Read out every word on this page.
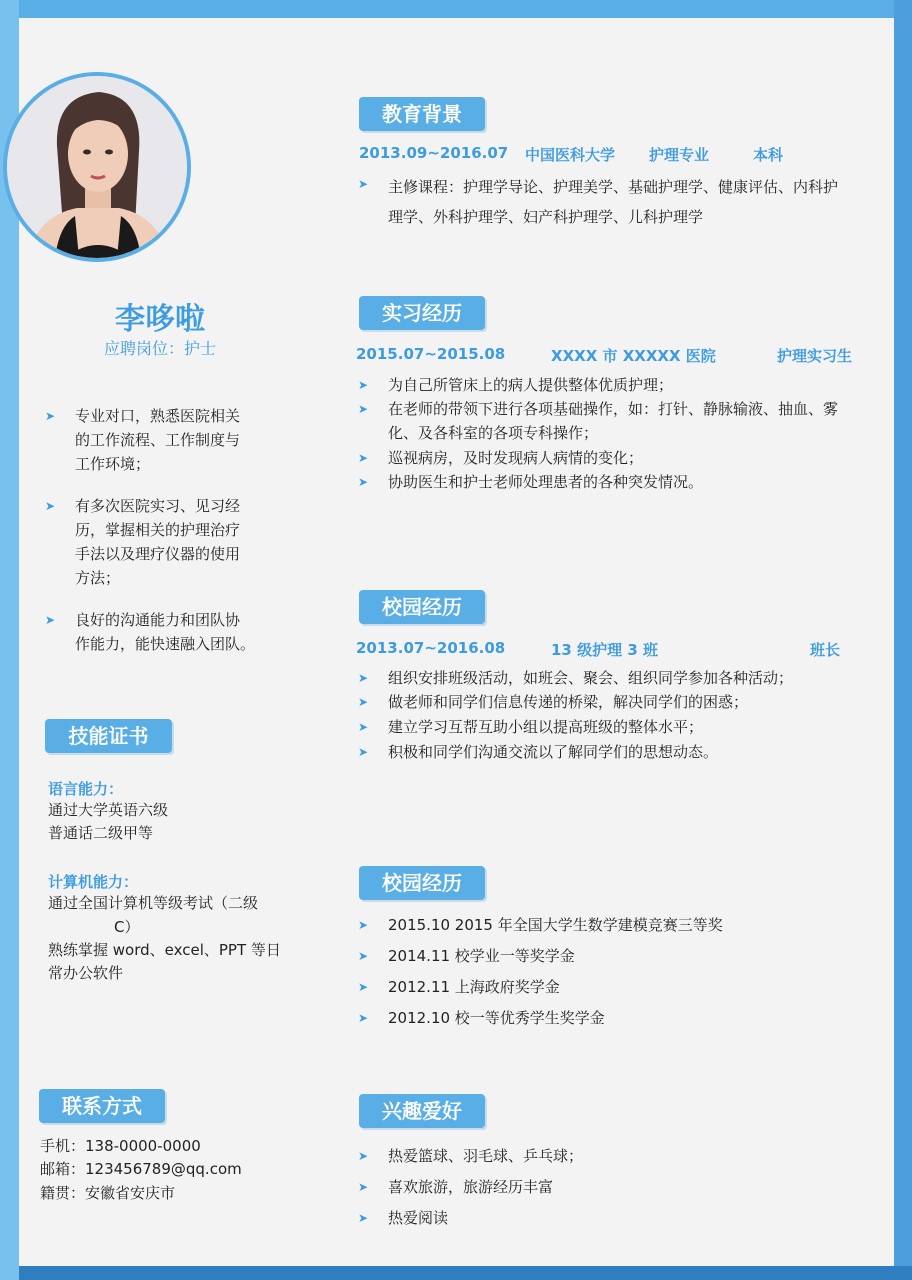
李哆啦
应聘岗位：护士
➤ 专业对口，熟悉医院相关
的工作流程、工作制度与
工作环境；
➤ 有多次医院实习、见习经
历，掌握相关的护理治疗
手法以及理疗仪器的使用
方法；
➤ 良好的沟通能力和团队协
作能力，能快速融入团队。
技能证书
语言能力：
通过大学英语六级
普通话二级甲等
计算机能力：
通过全国计算机等级考试（二级
C）
熟练掌握 word、excel、PPT 等日
常办公软件
联系方式
手机：138-0000-0000
邮箱：123456789@qq.com
籍贯：安徽省安庆市
教育背景
2013.09~2016.07 中国医科大学 护理专业	本科
➤ 主修课程：护理学导论、护理美学、基础护理学、健康评估、内科护
理学、外科护理学、妇产科护理学、儿科护理学
实习经历
2015.07~2015.08	XXXX 市 XXXXX 医院	护理实习生
➤ 为自己所管床上的病人提供整体优质护理；
➤ 在老师的带领下进行各项基础操作，如：打针、静脉输液、抽血、雾
化、及各科室的各项专科操作；
➤ 巡视病房，及时发现病人病情的变化；
➤ 协助医生和护士老师处理患者的各种突发情况。
校园经历
2013.07~2016.08	13 级护理 3 班	班长
➤ 组织安排班级活动，如班会、聚会、组织同学参加各种活动；
➤ 做老师和同学们信息传递的桥梁，解决同学们的困惑；
➤ 建立学习互帮互助小组以提高班级的整体水平；
➤ 积极和同学们沟通交流以了解同学们的思想动态。
校园经历
➤ 2015.10 2015 年全国大学生数学建模竞赛三等奖
➤ 2014.11 校学业一等奖学金
➤ 2012.11 上海政府奖学金
➤ 2012.10 校一等优秀学生奖学金
兴趣爱好
➤ 热爱篮球、羽毛球、乒乓球；
➤ 喜欢旅游，旅游经历丰富
➤ 热爱阅读
